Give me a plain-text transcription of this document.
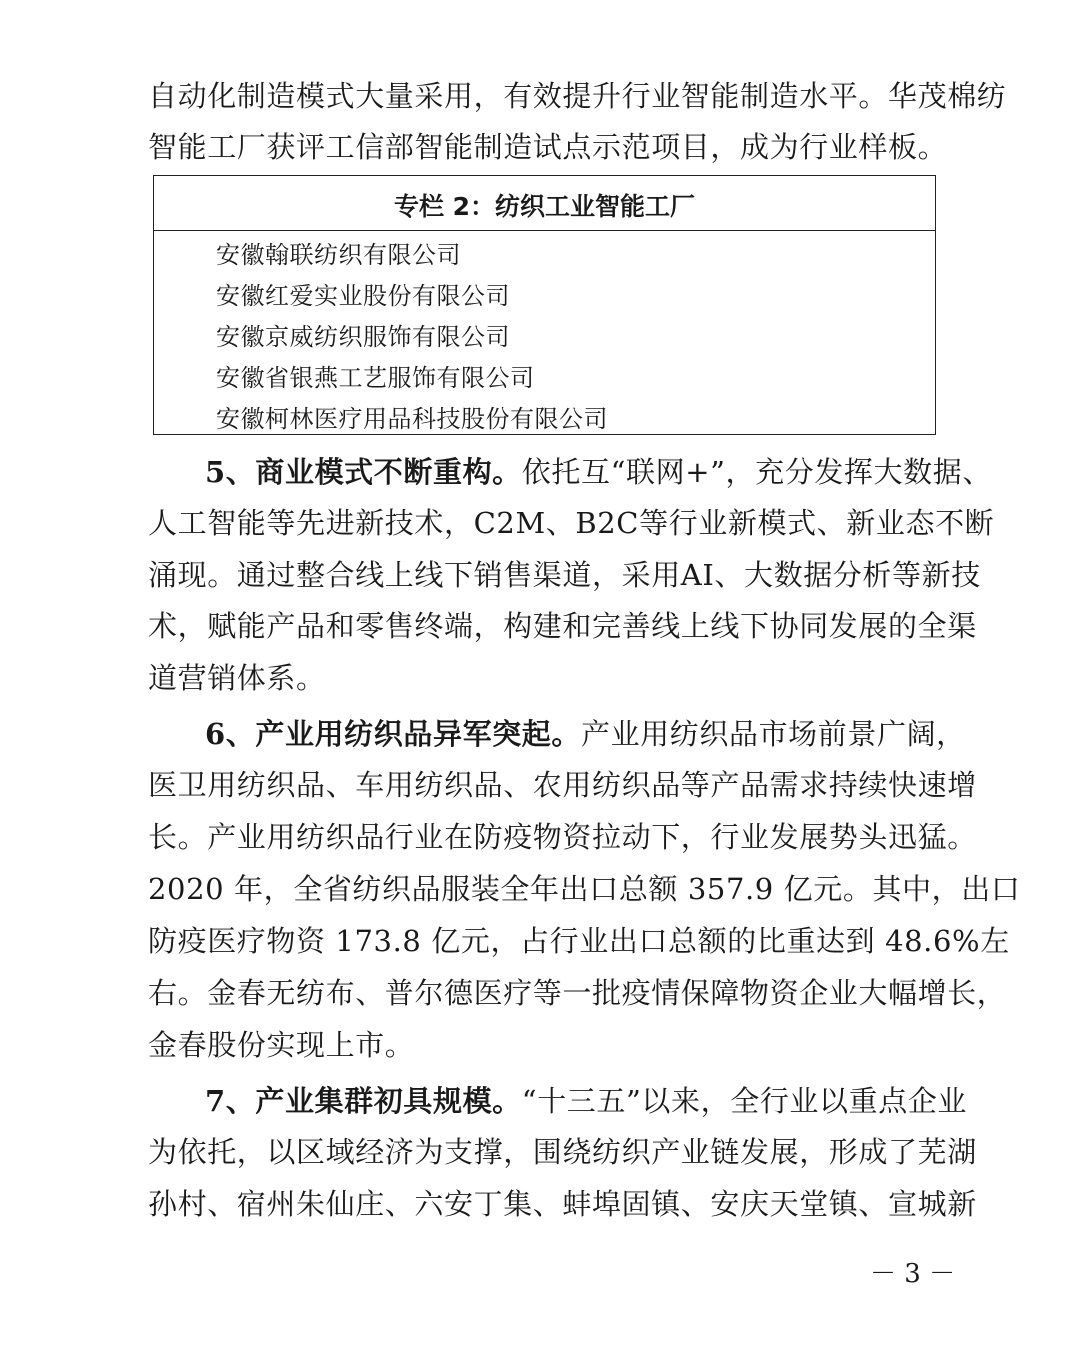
自动化制造模式大量采用，有效提升行业智能制造水平。华茂棉纺
智能工厂获评工信部智能制造试点示范项目，成为行业样板。
专栏 2：纺织工业智能工厂
安徽翰联纺织有限公司
安徽红爱实业股份有限公司
安徽京威纺织服饰有限公司
安徽省银燕工艺服饰有限公司
安徽柯林医疗用品科技股份有限公司
5、商业模式不断重构。依托互“联网+”，充分发挥大数据、
人工智能等先进新技术，C2M、B2C等行业新模式、新业态不断
涌现。通过整合线上线下销售渠道，采用AI、大数据分析等新技
术，赋能产品和零售终端，构建和完善线上线下协同发展的全渠
道营销体系。
6、产业用纺织品异军突起。产业用纺织品市场前景广阔，
医卫用纺织品、车用纺织品、农用纺织品等产品需求持续快速增
长。产业用纺织品行业在防疫物资拉动下，行业发展势头迅猛。
2020 年，全省纺织品服装全年出口总额 357.9 亿元。其中，出口
防疫医疗物资 173.8 亿元，占行业出口总额的比重达到 48.6%左
右。金春无纺布、普尔德医疗等一批疫情保障物资企业大幅增长，
金春股份实现上市。
7、产业集群初具规模。“十三五”以来，全行业以重点企业
为依托，以区域经济为支撑，围绕纺织产业链发展，形成了芜湖
孙村、宿州朱仙庄、六安丁集、蚌埠固镇、安庆天堂镇、宣城新
－ 3 －
